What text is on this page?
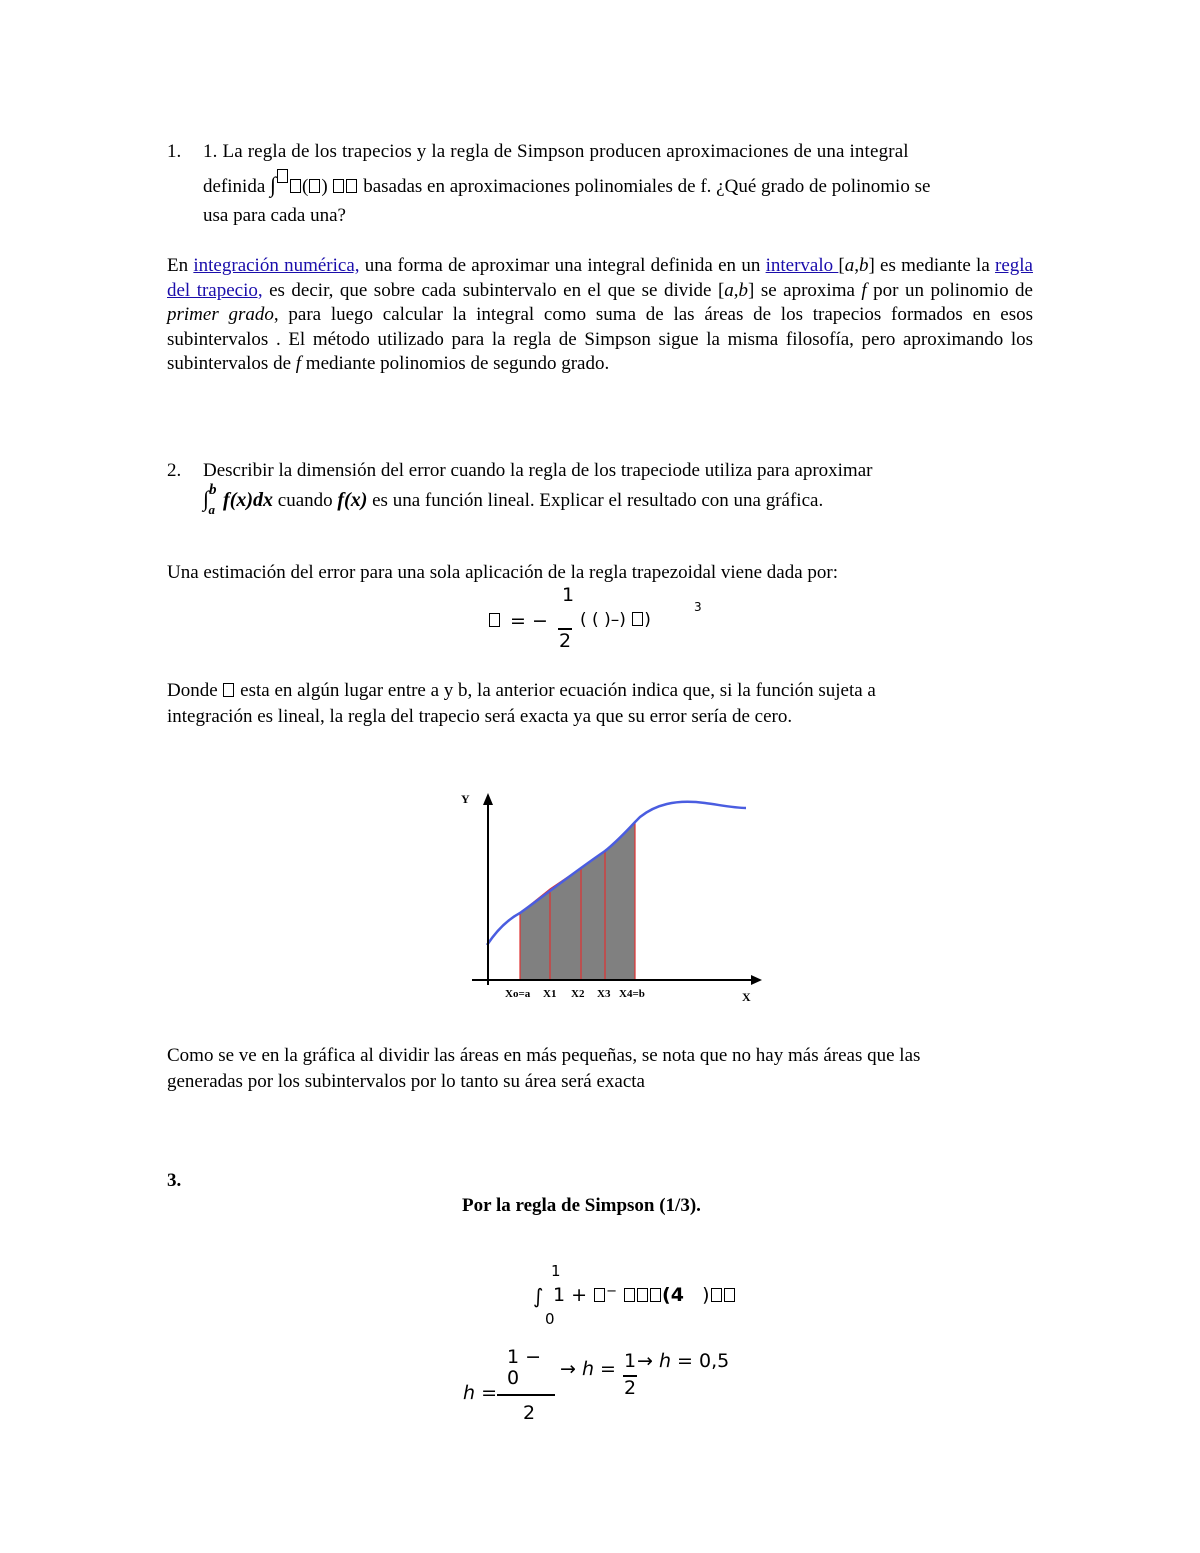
1. 1. La regla de los trapecios y la regla de Simpson producen aproximaciones de una integral
definida ∫ ( ) basadas en aproximaciones polinomiales de f. ¿Qué grado de polinomio se
usa para cada una?
En integración numérica, una forma de aproximar una integral definida en un intervalo [a,b] es mediante la regla del trapecio, es decir, que sobre cada subintervalo en el que se divide [a,b] se aproxima f por un polinomio de primer grado, para luego calcular la integral como suma de las áreas de los trapecios formados en esos subintervalos . El método utilizado para la regla de Simpson sigue la misma filosofía, pero aproximando los subintervalos de f mediante polinomios de segundo grado.
2. Describir la dimensión del error cuando la regla de los trapeciode utiliza para aproximar
∫$^b_a$ f(x)dx cuando f(x) es una función lineal. Explicar el resultado con una gráfica.
Una estimación del error para una sola aplicación de la regla trapezoidal viene dada por:
= −
1
2
( ( )–) )
3
Donde  esta en algún lugar entre a y b, la anterior ecuación indica que, si la función sujeta a
integración es lineal, la regla del trapecio será exacta ya que su error sería de cero.
Y
X
Xo=a X1 X2 X3 X4=b
Como se ve en la gráfica al dividir las áreas en más pequeñas, se nota que no hay más áreas que las
generadas por los subintervalos por lo tanto su área será exacta
3.
Por la regla de Simpson (1/3).
1
∫
0
1 + − (4 )
ℎ =
1 −
0
2
→ ℎ = 1
2
→ ℎ = 0,5
